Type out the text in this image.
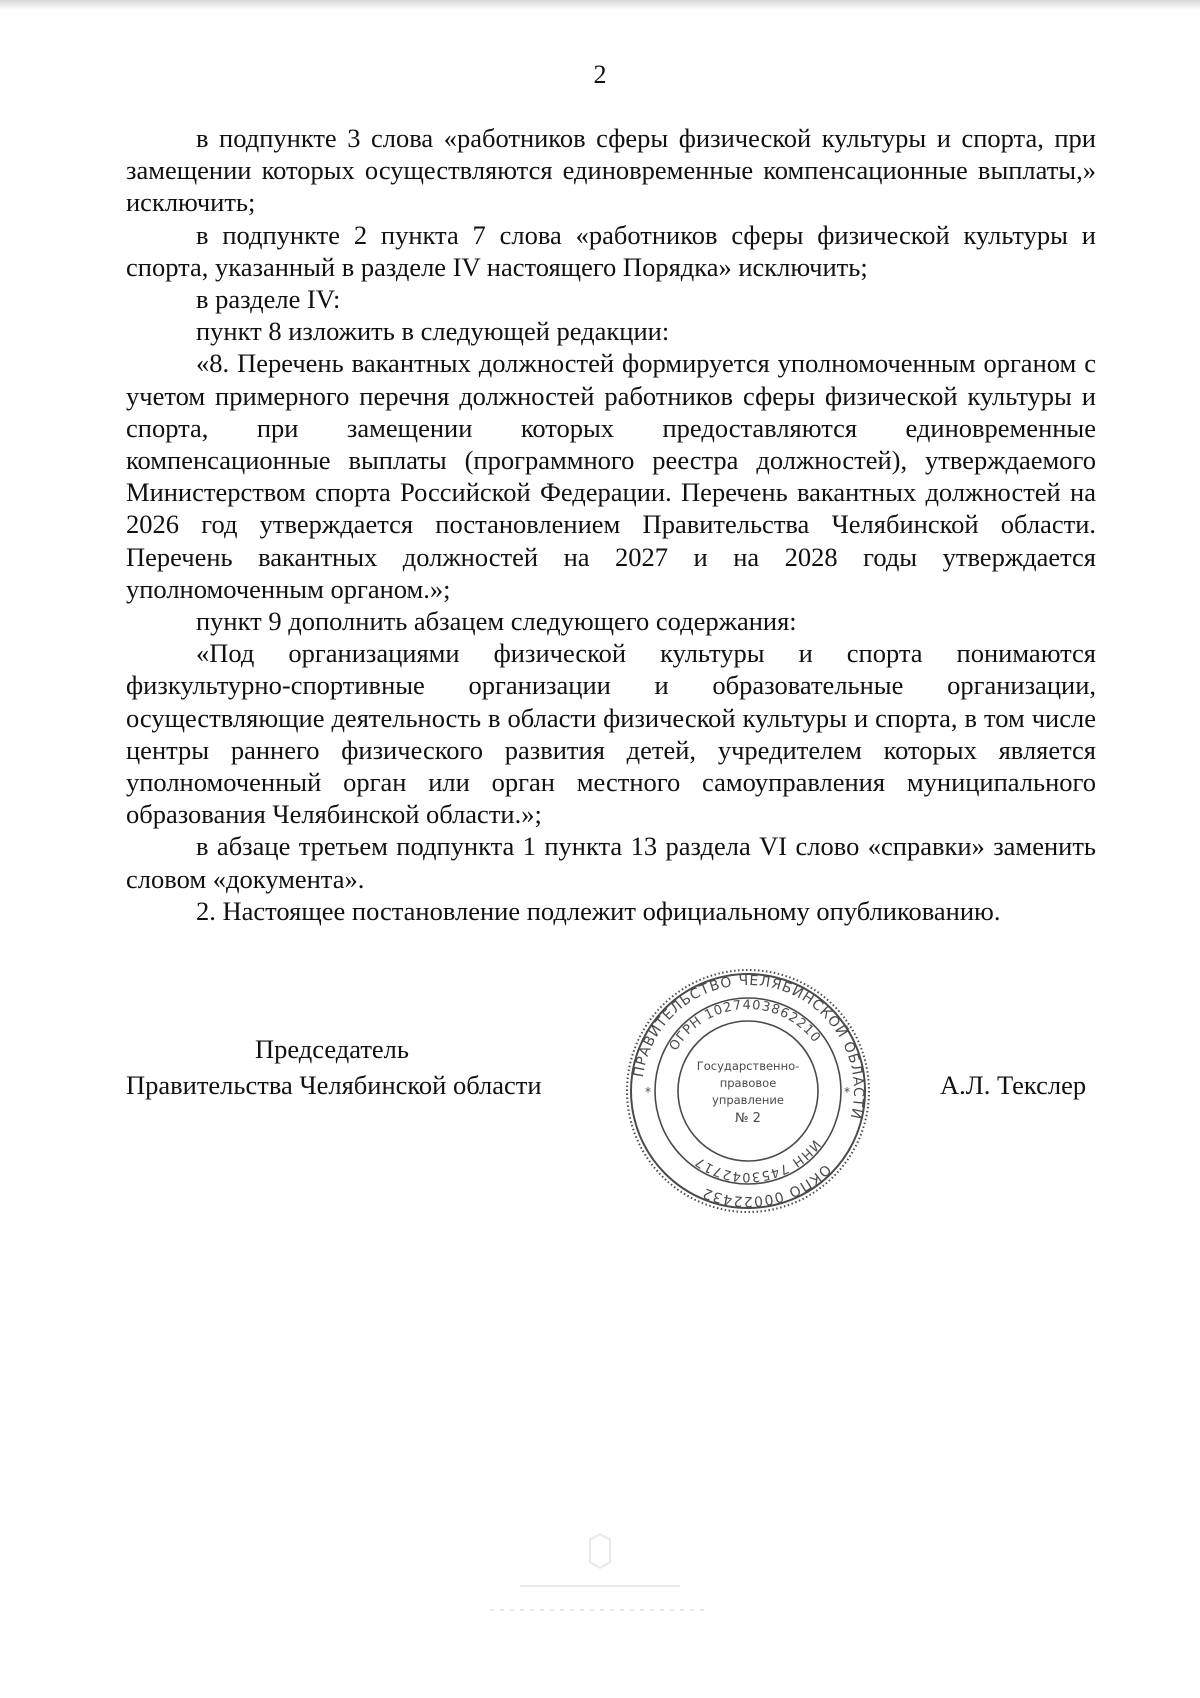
2

в подпункте 3 слова «работников сферы физической культуры и спорта, при замещении которых осуществляются единовременные компенсационные выплаты,» исключить;

в подпункте 2 пункта 7 слова «работников сферы физической культуры и спорта, указанный в разделе IV настоящего Порядка» исключить;

в разделе IV:

пункт 8 изложить в следующей редакции:

«8. Перечень вакантных должностей формируется уполномоченным органом с учетом примерного перечня должностей работников сферы физической культуры и спорта, при замещении которых предоставляются единовременные компенсационные выплаты (программного реестра должностей), утверждаемого Министерством спорта Российской Федерации. Перечень вакантных должностей на 2026 год утверждается постановлением Правительства Челябинской области. Перечень вакантных должностей на 2027 и на 2028 годы утверждается уполномоченным органом.»;

пункт 9 дополнить абзацем следующего содержания:

«Под организациями физической культуры и спорта понимаются физкультурно-спортивные организации и образовательные организации, осуществляющие деятельность в области физической культуры и спорта, в том числе центры раннего физического развития детей, учредителем которых является уполномоченный орган или орган местного самоуправления муниципального образования Челябинской области.»;

в абзаце третьем подпункта 1 пункта 13 раздела VI слово «справки» заменить словом «документа».

2. Настоящее постановление подлежит официальному опубликованию.

Председатель
Правительства Челябинской области	А.Л. Текслер
ПРАВИТЕЛЬСТВО ЧЕЛЯБИНСКОЙ ОБЛАСТИ
ОКПО 00022432
ОГРН 1027403862210
ИНН 7453042717
Государственно-
правовое
управление
№ 2
*	*
